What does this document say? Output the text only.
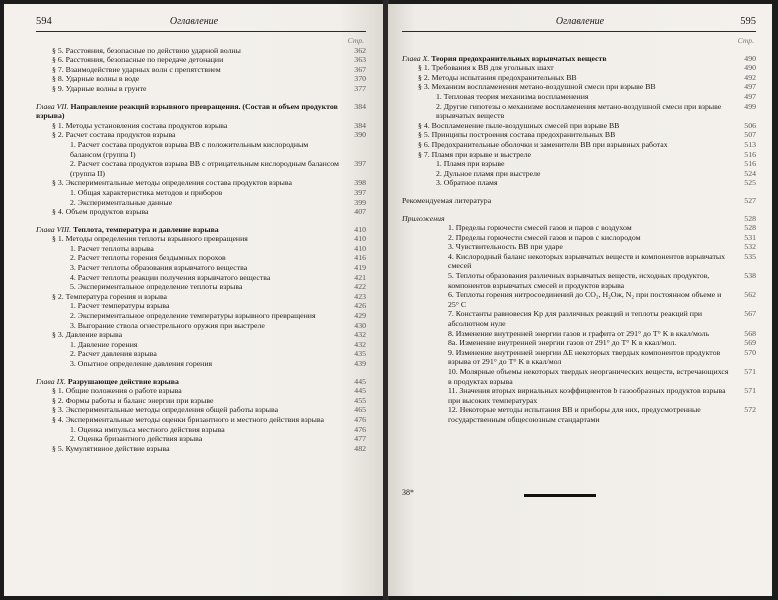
594	Оглавление
Стр.
§ 5. Расстояния, безопасные по действию ударной волны	362
§ 6. Расстояния, безопасные по передаче детонации	363
§ 7. Взаимодействие ударных волн с препятствием	367
§ 8. Ударные волны в воде	370
§ 9. Ударные волны в грунте	377
Глава VII. Направление реакций взрывного превращения. (Состав и объем продуктов взрыва)
384
§ 1. Методы установления состава продуктов взрыва	384
§ 2. Расчет состава продуктов взрыва	390
1. Расчет состава продуктов взрыва ВВ с положительным кислородным балансом (группа I)
2. Расчет состава продуктов взрыва ВВ с отрицательным кислородным балансом (группа II)
397
§ 3. Экспериментальные методы определения состава продуктов взрыва	398
1. Общая характеристика методов и приборов	397
2. Экспериментальные данные	399
§ 4. Объем продуктов взрыва	407
Глава VIII. Теплота, температура и давление взрыва	410
§ 1. Методы определения теплоты взрывного превращения	410
1. Расчет теплоты взрыва	410
2. Расчет теплоты горения бездымных порохов	416
3. Расчет теплоты образования взрывчатого вещества	419
4. Расчет теплоты реакции получения взрывчатого вещества	421
5. Экспериментальное определение теплоты взрыва	422
§ 2. Температура горения и взрыва	423
1. Расчет температуры взрыва	426
2. Экспериментальное определение температуры взрывного превращения	429
3. Выгорание ствола огнестрельного оружия при выстреле	430
§ 3. Давление взрыва	432
1. Давление горения	432
2. Расчет давления взрыва	435
3. Опытное определение давления горения	439
Глава IX. Разрушающее действие взрыва	445
§ 1. Общие положения о работе взрыва	445
§ 2. Формы работы и баланс энергии при взрыве	455
§ 3. Экспериментальные методы определения общей работы взрыва	465
§ 4. Экспериментальные методы оценки бризантного и местного действия взрыва	476
1. Оценка импульса местного действия взрыва	476
2. Оценка бризантного действия взрыва	477
§ 5. Кумулятивное действие взрыва	482
Оглавление	595
Стр.
Глава X. Теория предохранительных взрывчатых веществ	490
§ 1. Требования к ВВ для угольных шахт	490
§ 2. Методы испытания предохранительных ВВ	492
§ 3. Механизм воспламенения метано-воздушной смеси при взрыве ВВ	497
1. Тепловая теория механизма воспламенения	497
2. Другие гипотезы о механизме воспламенения метано-воздушной смеси при взрыве взрывчатых веществ
499
§ 4. Воспламенение пыле-воздушных смесей при взрыве ВВ	506
§ 5. Принципы построения состава предохранительных ВВ	507
§ 6. Предохранительные оболочки и заменители ВВ при взрывных работах	513
§ 7. Пламя при взрыве и выстреле	516
1. Пламя при взрыве	516
2. Дульное пламя при выстреле	524
3. Обратное пламя	525
Рекомендуемая литература	527
Приложения	528
1. Пределы горючести смесей газов и паров с воздухом	528
2. Пределы горючести смесей газов и паров с кислородом	531
3. Чувствительность ВВ при ударе	532
4. Кислородный баланс некоторых взрывчатых веществ и компонентов взрывчатых смесей
535
5. Теплоты образования различных взрывчатых веществ, исходных продуктов, компонентов взрывчатых смесей и продуктов взрыва
538
6. Теплоты горения нитросоединений до CO₂, H₂Oж, N₂ при постоянном объеме и 25° C
562
7. Константы равновесия Kp для различных реакций и теплоты реакций при абсолютном нуле
567
8. Изменение внутренней энергии газов и графита от 291° до T° K в ккал/моль	568
8a. Изменение внутренней энергии газов от 291° до T° K в ккал/мол.	569
9. Изменение внутренней энергии ΔE некоторых твердых компонентов продуктов взрыва от 291° до T° K в ккал/мол
570
10. Молярные объемы некоторых твердых неорганических веществ, встречающихся в продуктах взрыва
571
11. Значения вторых вириальных коэффициентов b газообразных продуктов взрыва при высоких температурах
571
12. Некоторые методы испытания ВВ и приборы для них, предусмотренные государственным общесоюзным стандартами
572
38*
